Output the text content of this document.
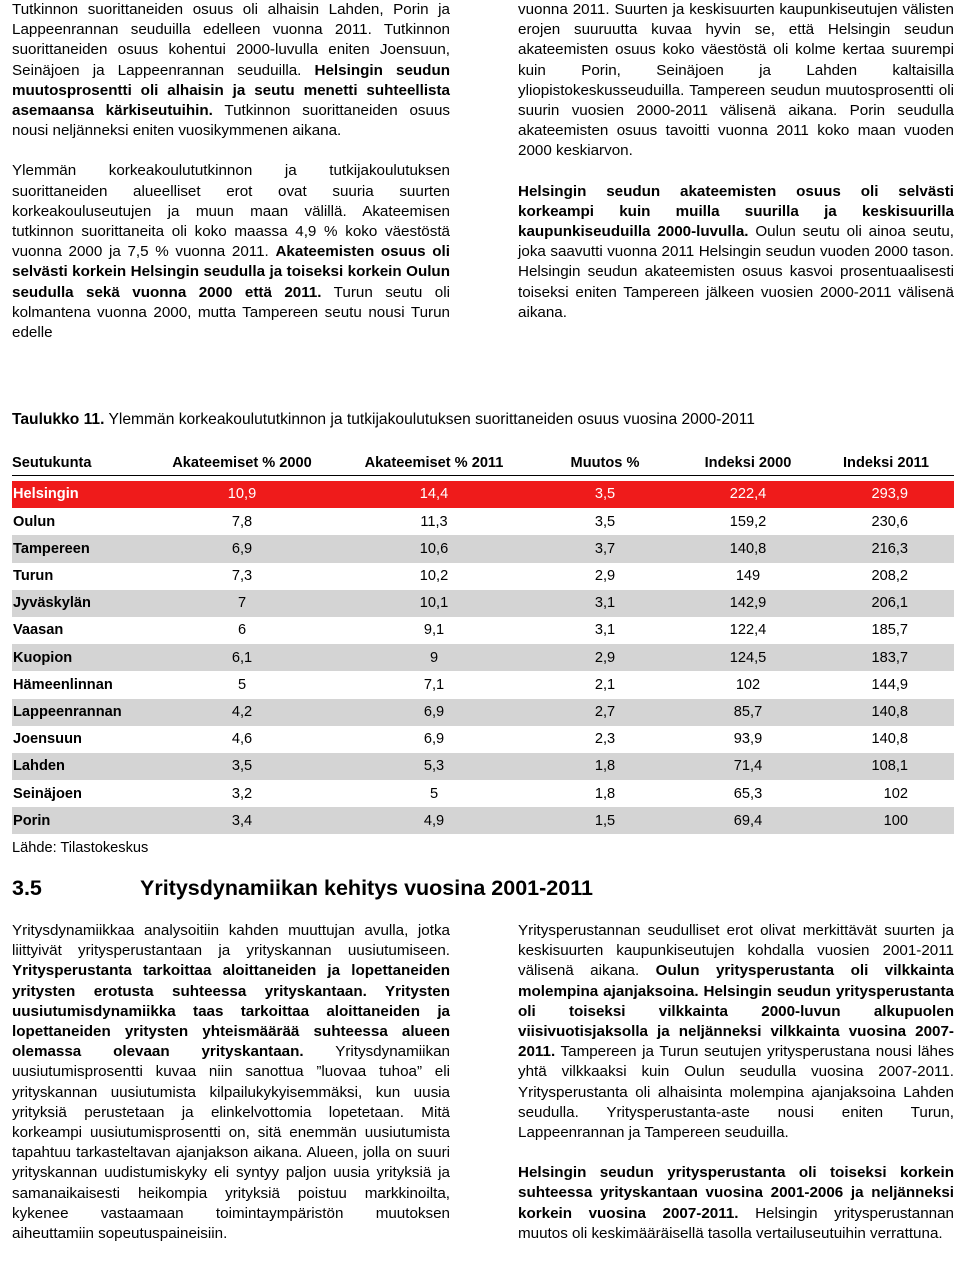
Tutkinnon suorittaneiden osuus oli alhaisin Lahden, Porin ja Lappeenrannan seuduilla edelleen vuonna 2011. Tutkinnon suorittaneiden osuus kohentui 2000-luvulla eniten Joensuun, Seinäjoen ja Lappeenrannan seuduilla. Helsingin seudun muutosprosentti oli alhaisin ja seutu menetti suhteellista asemaansa kärkiseutuihin. Tutkinnon suorittaneiden osuus nousi neljänneksi eniten vuosikymmenen aikana.

Ylemmän korkeakoulututkinnon ja tutkijakoulutuksen suorittaneiden alueelliset erot ovat suuria suurten korkeakouluseutujen ja muun maan välillä. Akateemisen tutkinnon suorittaneita oli koko maassa 4,9 % koko väestöstä vuonna 2000 ja 7,5 % vuonna 2011. Akateemisten osuus oli selvästi korkein Helsingin seudulla ja toiseksi korkein Oulun seudulla sekä vuonna 2000 että 2011. Turun seutu oli kolmantena vuonna 2000, mutta Tampereen seutu nousi Turun edelle

vuonna 2011. Suurten ja keskisuurten kaupunkiseutujen välisten erojen suuruutta kuvaa hyvin se, että Helsingin seudun akateemisten osuus koko väestöstä oli kolme kertaa suurempi kuin Porin, Seinäjoen ja Lahden kaltaisilla yliopistokeskusseuduilla. Tampereen seudun muutosprosentti oli suurin vuosien 2000-2011 välisenä aikana. Porin seudulla akateemisten osuus tavoitti vuonna 2011 koko maan vuoden 2000 keskiarvon.

Helsingin seudun akateemisten osuus oli selvästi korkeampi kuin muilla suurilla ja keskisuurilla kaupunkiseuduilla 2000-luvulla. Oulun seutu oli ainoa seutu, joka saavutti vuonna 2011 Helsingin seudun vuoden 2000 tason. Helsingin seudun akateemisten osuus kasvoi prosentuaalisesti toiseksi eniten Tampereen jälkeen vuosien 2000-2011 välisenä aikana.

Taulukko 11. Ylemmän korkeakoulututkinnon ja tutkijakoulutuksen suorittaneiden osuus vuosina 2000-2011
Seutukunta	Akateemiset % 2000	Akateemiset % 2011	Muutos %	Indeksi 2000	Indeksi 2011

Helsingin	10,9	14,4	3,5	222,4	293,9
Oulun	7,8	11,3	3,5	159,2	230,6
Tampereen	6,9	10,6	3,7	140,8	216,3
Turun	7,3	10,2	2,9	149	208,2
Jyväskylän	7	10,1	3,1	142,9	206,1
Vaasan	6	9,1	3,1	122,4	185,7
Kuopion	6,1	9	2,9	124,5	183,7
Hämeenlinnan	5	7,1	2,1	102	144,9
Lappeenrannan	4,2	6,9	2,7	85,7	140,8
Joensuun	4,6	6,9	2,3	93,9	140,8
Lahden	3,5	5,3	1,8	71,4	108,1
Seinäjoen	3,2	5	1,8	65,3	102
Porin	3,4	4,9	1,5	69,4	100
Lähde: Tilastokeskus
3.5	Yritysdynamiikan kehitys vuosina 2001-2011

Yritysdynamiikkaa analysoitiin kahden muuttujan avulla, jotka liittyivät yritysperustantaan ja yrityskannan uusiutumiseen. Yritysperustanta tarkoittaa aloittaneiden ja lopettaneiden yritysten erotusta suhteessa yrityskantaan. Yritysten uusiutumisdynamiikka taas tarkoittaa aloittaneiden ja lopettaneiden yritysten yhteismäärää suhteessa alueen olemassa olevaan yrityskantaan. Yritysdynamiikan uusiutumisprosentti kuvaa niin sanottua ”luovaa tuhoa” eli yrityskannan uusiutumista kilpailukykyisemmäksi, kun uusia yrityksiä perustetaan ja elinkelvottomia lopetetaan. Mitä korkeampi uusiutumisprosentti on, sitä enemmän uusiutumista tapahtuu tarkasteltavan ajanjakson aikana. Alueen, jolla on suuri yrityskannan uudistumiskyky eli syntyy paljon uusia yrityksiä ja samanaikaisesti heikompia yrityksiä poistuu markkinoilta, kykenee vastaamaan toimintaympäristön muutoksen aiheuttamiin sopeutuspaineisiin.

Yritysperustannan seudulliset erot olivat merkittävät suurten ja keskisuurten kaupunkiseutujen kohdalla vuosien 2001-2011 välisenä aikana. Oulun yritysperustanta oli vilkkainta molempina ajanjaksoina. Helsingin seudun yritysperustanta oli toiseksi vilkkainta 2000-luvun alkupuolen viisivuotisjaksolla ja neljänneksi vilkkainta vuosina 2007-2011. Tampereen ja Turun seutujen yritysperustana nousi lähes yhtä vilkkaaksi kuin Oulun seudulla vuosina 2007-2011. Yritysperustanta oli alhaisinta molempina ajanjaksoina Lahden seudulla. Yritysperustanta-aste nousi eniten Turun, Lappeenrannan ja Tampereen seuduilla.

Helsingin seudun yritysperustanta oli toiseksi korkein suhteessa yrityskantaan vuosina 2001-2006 ja neljänneksi korkein vuosina 2007-2011. Helsingin yritysperustannan muutos oli keskimääräisellä tasolla vertailuseutuihin verrattuna.
